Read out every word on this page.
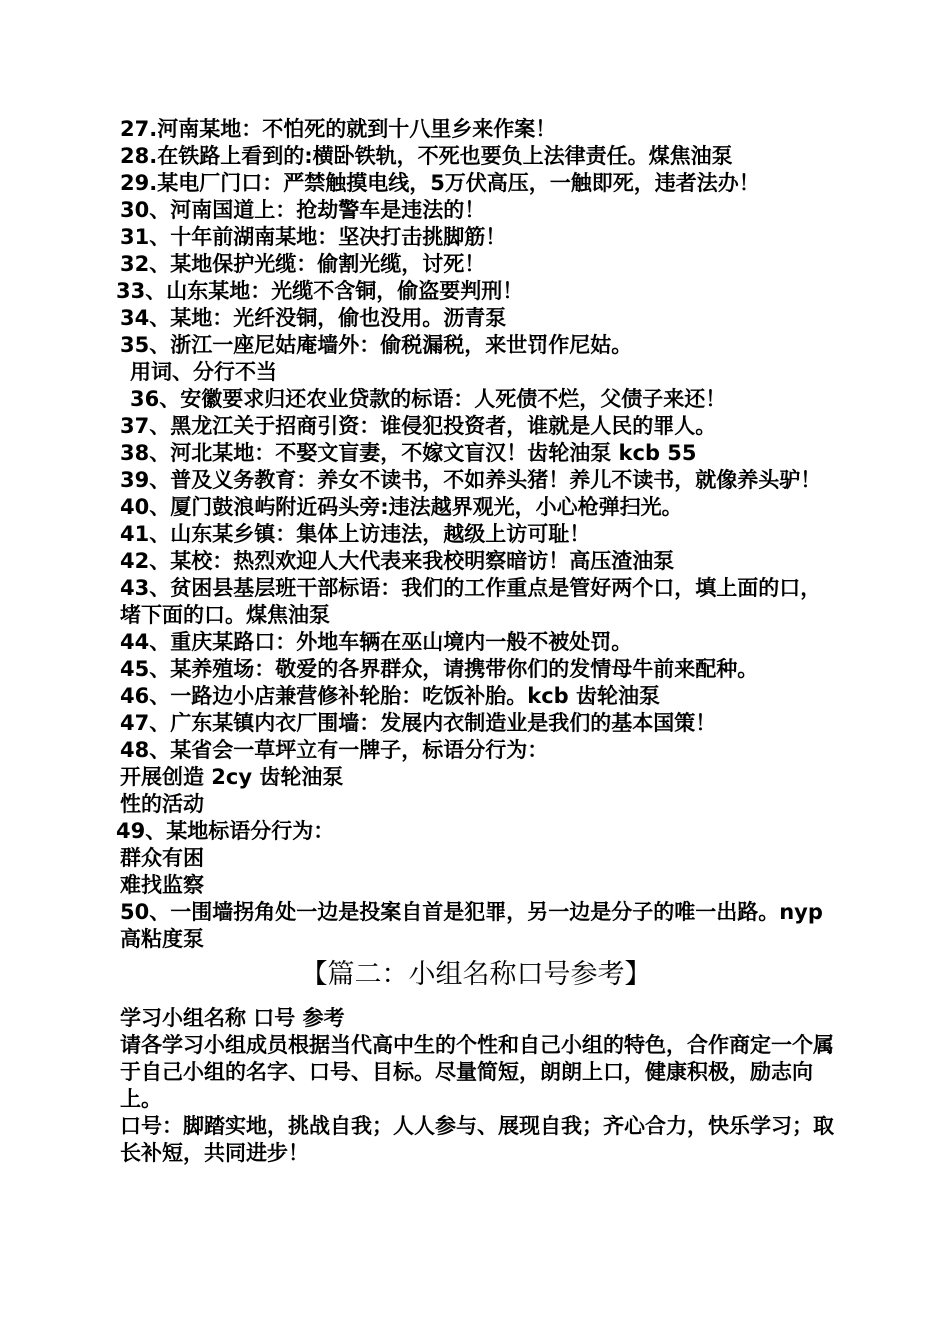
27.河南某地：不怕死的就到十八里乡来作案！
28.在铁路上看到的:横卧铁轨，不死也要负上法律责任。煤焦油泵
29.某电厂门口：严禁触摸电线，5万伏高压，一触即死，违者法办！
30、河南国道上：抢劫警车是违法的！
31、十年前湖南某地：坚决打击挑脚筋！
32、某地保护光缆：偷割光缆，讨死！
33、山东某地：光缆不含铜，偷盗要判刑！
34、某地：光纤没铜，偷也没用。沥青泵
35、浙江一座尼姑庵墙外：偷税漏税，来世罚作尼姑。
用词、分行不当
36、安徽要求归还农业贷款的标语：人死债不烂，父债子来还！
37、黑龙江关于招商引资：谁侵犯投资者，谁就是人民的罪人。
38、河北某地：不娶文盲妻，不嫁文盲汉！齿轮油泵 kcb 55
39、普及义务教育：养女不读书，不如养头猪！养儿不读书，就像养头驴！
40、厦门鼓浪屿附近码头旁:违法越界观光，小心枪弹扫光。
41、山东某乡镇：集体上访违法，越级上访可耻！
42、某校：热烈欢迎人大代表来我校明察暗访！高压渣油泵
43、贫困县基层班干部标语：我们的工作重点是管好两个口，填上面的口，堵下面的口。煤焦油泵
44、重庆某路口：外地车辆在巫山境内一般不被处罚。
45、某养殖场：敬爱的各界群众，请携带你们的发情母牛前来配种。
46、一路边小店兼营修补轮胎：吃饭补胎。kcb 齿轮油泵
47、广东某镇内衣厂围墙：发展内衣制造业是我们的基本国策！
48、某省会一草坪立有一牌子，标语分行为：
开展创造 2cy 齿轮油泵
性的活动
49、某地标语分行为：
群众有困
难找监察
50、一围墙拐角处一边是投案自首是犯罪，另一边是分子的唯一出路。nyp 高粘度泵
【篇二：小组名称口号参考】
学习小组名称 口号 参考
请各学习小组成员根据当代高中生的个性和自己小组的特色，合作商定一个属于自己小组的名字、口号、目标。尽量简短，朗朗上口，健康积极，励志向上。
口号：脚踏实地，挑战自我；人人参与、展现自我；齐心合力，快乐学习；取长补短，共同进步！
